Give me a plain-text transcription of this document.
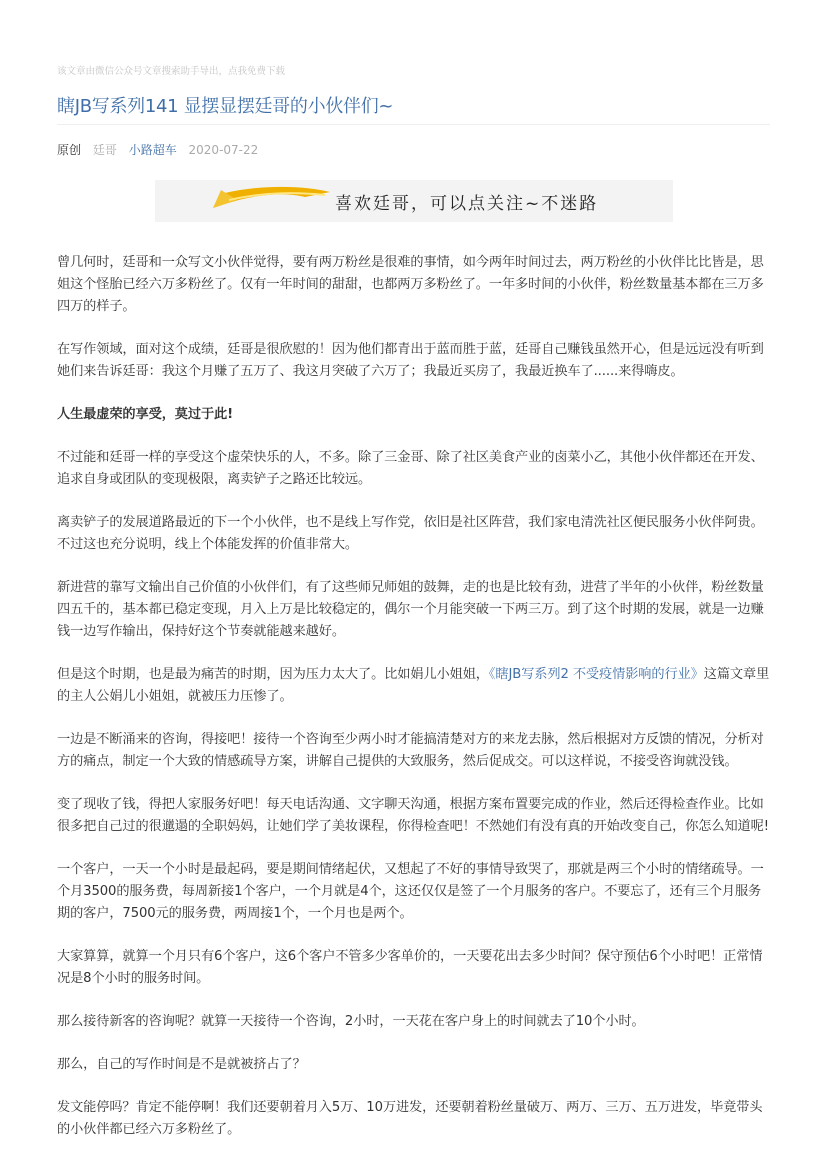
该文章由微信公众号文章搜索助手导出，点我免费下载
瞎JB写系列141 显摆显摆廷哥的小伙伴们~
原创 廷哥 小路超车 2020-07-22
喜欢廷哥，可以点关注~不迷路

曾几何时，廷哥和一众写文小伙伴觉得，要有两万粉丝是很难的事情，如今两年时间过去，两万粉丝的小伙伴比比皆是，思姐这个怪胎已经六万多粉丝了。仅有一年时间的甜甜，也都两万多粉丝了。一年多时间的小伙伴，粉丝数量基本都在三万多四万的样子。

在写作领域，面对这个成绩，廷哥是很欣慰的！因为他们都青出于蓝而胜于蓝，廷哥自己赚钱虽然开心，但是远远没有听到她们来告诉廷哥：我这个月赚了五万了、我这月突破了六万了；我最近买房了，我最近换车了......来得嗨皮。

人生最虚荣的享受，莫过于此!

不过能和廷哥一样的享受这个虚荣快乐的人，不多。除了三金哥、除了社区美食产业的卤菜小乙，其他小伙伴都还在开发、追求自身或团队的变现极限，离卖铲子之路还比较远。

离卖铲子的发展道路最近的下一个小伙伴，也不是线上写作党，依旧是社区阵营，我们家电清洗社区便民服务小伙伴阿贵。不过这也充分说明，线上个体能发挥的价值非常大。

新进营的靠写文输出自己价值的小伙伴们，有了这些师兄师姐的鼓舞，走的也是比较有劲，进营了半年的小伙伴，粉丝数量四五千的，基本都已稳定变现，月入上万是比较稳定的，偶尔一个月能突破一下两三万。到了这个时期的发展，就是一边赚钱一边写作输出，保持好这个节奏就能越来越好。

但是这个时期，也是最为痛苦的时期，因为压力太大了。比如娟儿小姐姐，《瞎JB写系列2 不受疫情影响的行业》这篇文章里的主人公娟儿小姐姐，就被压力压惨了。

一边是不断涌来的咨询，得接吧！接待一个咨询至少两小时才能搞清楚对方的来龙去脉，然后根据对方反馈的情况，分析对方的痛点，制定一个大致的情感疏导方案，讲解自己提供的大致服务，然后促成交。可以这样说，不接受咨询就没钱。

变了现收了钱，得把人家服务好吧！每天电话沟通、文字聊天沟通，根据方案布置要完成的作业，然后还得检查作业。比如很多把自己过的很邋遢的全职妈妈，让她们学了美妆课程，你得检查吧！不然她们有没有真的开始改变自己，你怎么知道呢!

一个客户，一天一个小时是最起码，要是期间情绪起伏，又想起了不好的事情导致哭了，那就是两三个小时的情绪疏导。一个月3500的服务费，每周新接1个客户，一个月就是4个，这还仅仅是签了一个月服务的客户。不要忘了，还有三个月服务期的客户，7500元的服务费，两周接1个，一个月也是两个。

大家算算，就算一个月只有6个客户，这6个客户不管多少客单价的，一天要花出去多少时间？保守预估6个小时吧！正常情况是8个小时的服务时间。

那么接待新客的咨询呢？就算一天接待一个咨询，2小时，一天花在客户身上的时间就去了10个小时。

那么，自己的写作时间是不是就被挤占了？

发文能停吗？肯定不能停啊！我们还要朝着月入5万、10万进发，还要朝着粉丝量破万、两万、三万、五万进发，毕竟带头的小伙伴都已经六万多粉丝了。
